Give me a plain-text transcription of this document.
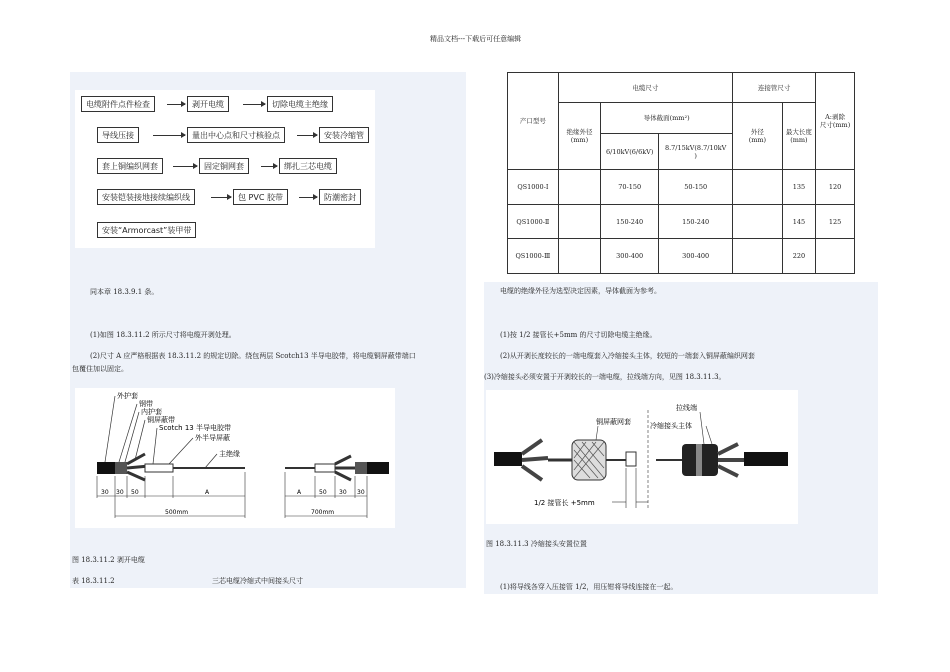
精品文档---下载后可任意编辑
电缆附件点件检查	剥开电缆	切除电缆主绝缘
导线压接	量出中心点和尺寸核验点	安装冷缩管
套上铜编织网套	固定铜网套	绑扎三芯电缆
安装铠装接地接续编织线	包 PVC 胶带	防潮密封
安装“Armorcast”装甲带
同本章 18.3.9.1 条。
(1)如图 18.3.11.2 所示尺寸将电缆开剥处理。
(2)尺寸 A 应严格根据表 18.3.11.2 的规定切除。绕包两层 Scotch13 半导电胶带，将电缆铜屏蔽带端口
包覆住加以固定。
外护套
钢带
内护套
铜屏蔽带
Scotch 13 半导电胶带
外半导屏蔽
主绝缘
30 30 50	A	A	50 30 30
500mm	700mm
图 18.3.11.2 剥开电缆
表 18.3.11.2	三芯电缆冷缩式中间接头尺寸
产口型号	电缆尺寸			连接管尺寸		A:剥除
尺寸(mm)
	绝缘外径
(mm)	导体截面(mm²)		外径
(mm)	最大长度
(mm)	
		6/10kV(6/6kV)	8.7/15kV(8.7/10kV
)			
QS1000-Ⅰ		70-150	50-150		135	120
QS1000-Ⅱ		150-240	150-240		145	125
QS1000-Ⅲ		300-400	300-400		220	
电缆的绝缘外径为选型决定因素，导体截面为参考。
(1)按 1/2 接管长+5mm 的尺寸切除电缆主绝缘。
(2)从开剥长度较长的一端电缆套入冷缩接头主体，较短的一端套入铜屏蔽编织网套
(3)冷缩接头必须安置于开剥较长的一端电缆，拉线端方向，见图 18.3.11.3。
铜屏蔽网套
拉线端
冷缩接头主体
1/2 接管长 +5mm
图 18.3.11.3 冷缩接头安置位置
(1)将导线各穿入压接管 1/2，用压钳将导线连接在一起。
